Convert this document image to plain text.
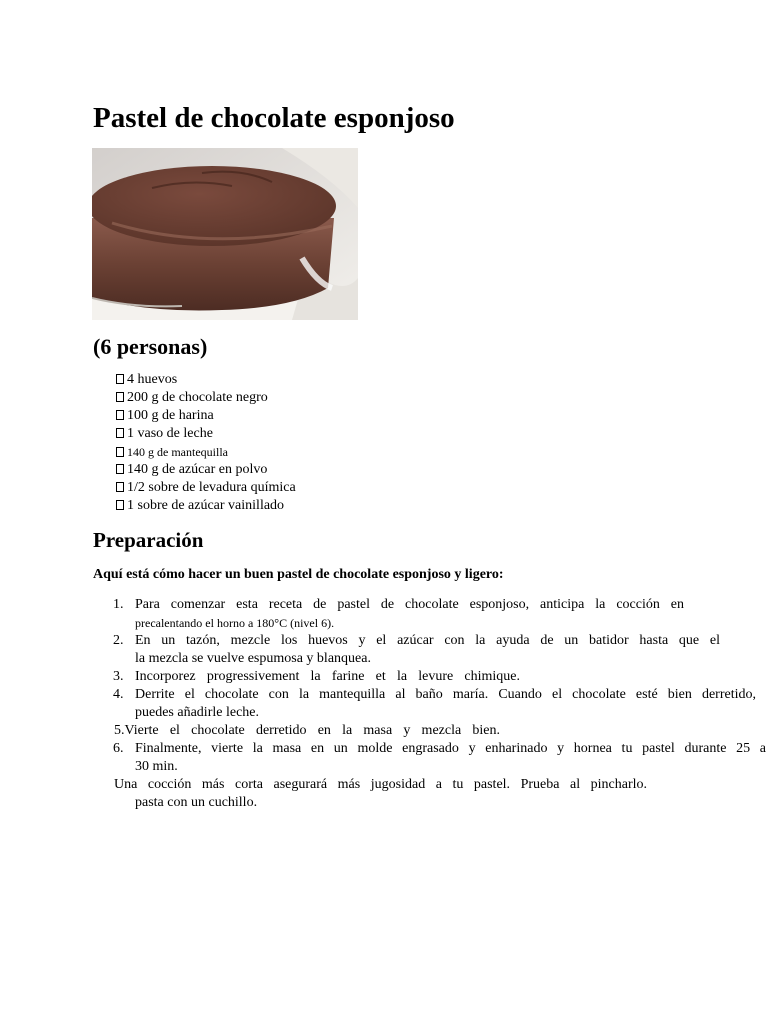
Pastel de chocolate esponjoso
(6 personas)
4 huevos
200 g de chocolate negro
100 g de harina
1 vaso de leche
140 g de mantequilla
140 g de azúcar en polvo
1/2 sobre de levadura química
1 sobre de azúcar vainillado
Preparación

Aquí está cómo hacer un buen pastel de chocolate esponjoso y ligero:

1. Para comenzar esta receta de pastel de chocolate esponjoso, anticipa la cocción en
precalentando el horno a 180°C (nivel 6).
2. En un tazón, mezcle los huevos y el azúcar con la ayuda de un batidor hasta que el
la mezcla se vuelve espumosa y blanquea.
3. Incorporez progressivement la farine et la levure chimique.
4. Derrite el chocolate con la mantequilla al baño maría. Cuando el chocolate esté bien derretido,
puedes añadirle leche.
5.Vierte el chocolate derretido en la masa y mezcla bien.
6. Finalmente, vierte la masa en un molde engrasado y enharinado y hornea tu pastel durante 25 a
30 min.
Una cocción más corta asegurará más jugosidad a tu pastel. Prueba al pincharlo.
pasta con un cuchillo.
